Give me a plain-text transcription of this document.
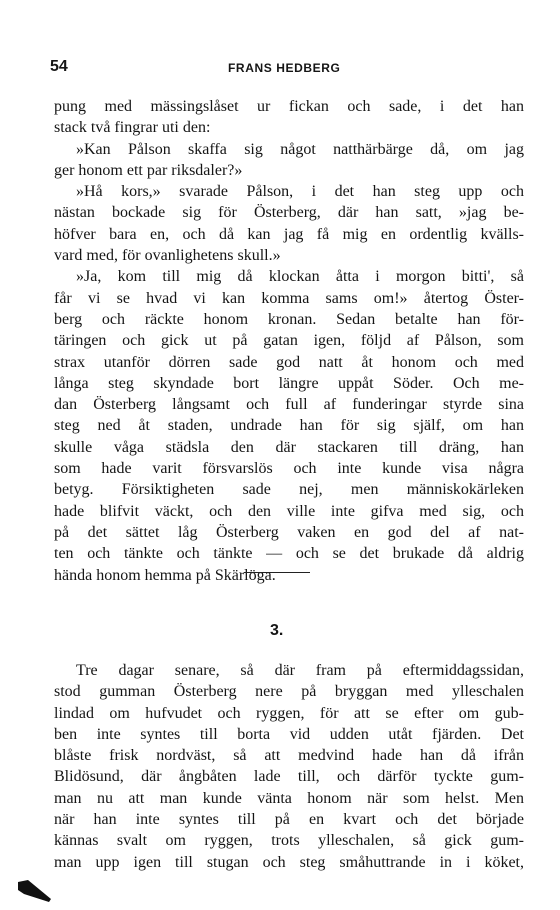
54	FRANS HEDBERG
pung med mässingslåset ur fickan och sade, i det han
stack två fingrar uti den:
»Kan Pålson skaffa sig något natthärbärge då, om jag
ger honom ett par riksdaler?»
»Hå kors,» svarade Pålson, i det han steg upp och
nästan bockade sig för Österberg, där han satt, »jag be-
höfver bara en, och då kan jag få mig en ordentlig kvälls-
vard med, för ovanlighetens skull.»
»Ja, kom till mig då klockan åtta i morgon bitti', så
får vi se hvad vi kan komma sams om!» återtog Öster-
berg och räckte honom kronan. Sedan betalte han för-
täringen och gick ut på gatan igen, följd af Pålson, som
strax utanför dörren sade god natt åt honom och med
långa steg skyndade bort längre uppåt Söder. Och me-
dan Österberg långsamt och full af funderingar styrde sina
steg ned åt staden, undrade han för sig själf, om han
skulle våga städsla den där stackaren till dräng, han
som hade varit försvarslös och inte kunde visa några
betyg. Försiktigheten sade nej, men människokärleken
hade blifvit väckt, och den ville inte gifva med sig, och
på det sättet låg Österberg vaken en god del af nat-
ten och tänkte och tänkte — och se det brukade då aldrig
hända honom hemma på Skärlöga.
3.
Tre dagar senare, så där fram på eftermiddagssidan,
stod gumman Österberg nere på bryggan med ylleschalen
lindad om hufvudet och ryggen, för att se efter om gub-
ben inte syntes till borta vid udden utåt fjärden. Det
blåste frisk nordväst, så att medvind hade han då ifrån
Blidösund, där ångbåten lade till, och därför tyckte gum-
man nu att man kunde vänta honom när som helst. Men
när han inte syntes till på en kvart och det började
kännas svalt om ryggen, trots ylleschalen, så gick gum-
man upp igen till stugan och steg småhuttrande in i köket,
